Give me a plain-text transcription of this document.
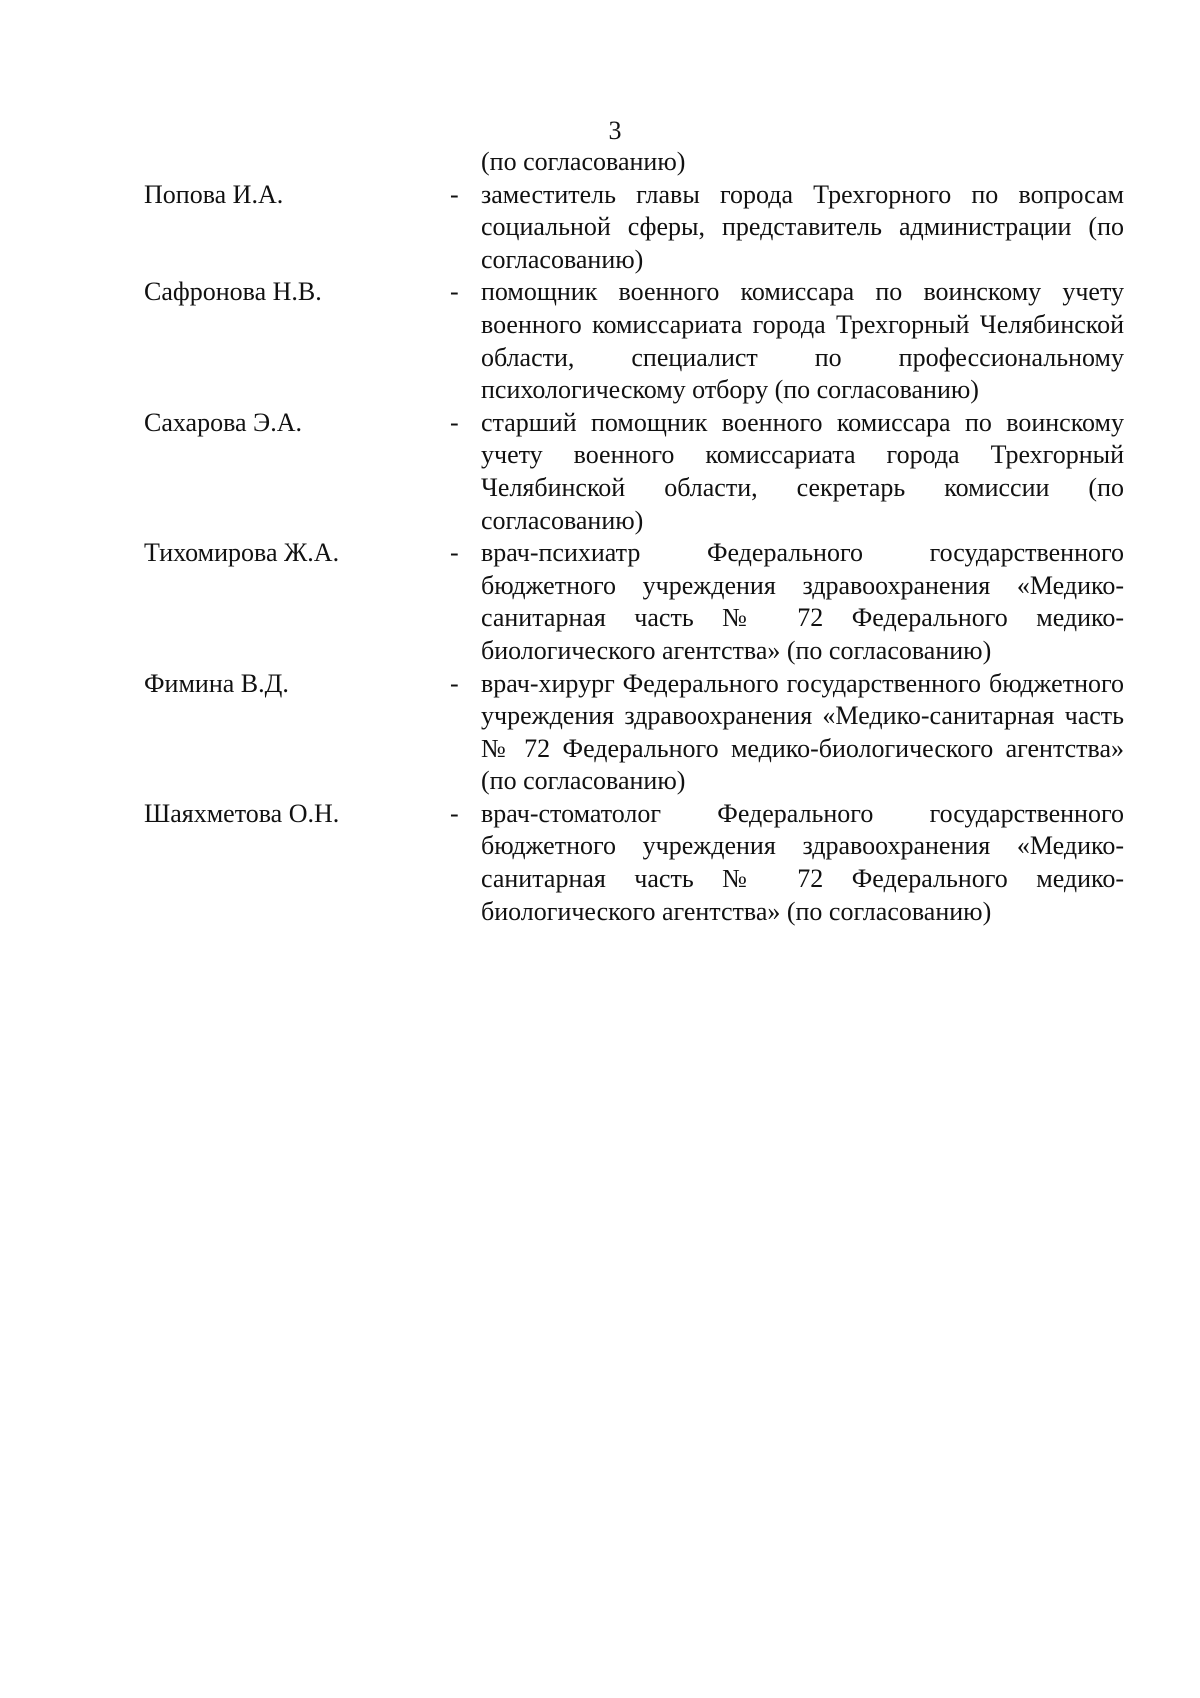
3
(по согласованию)
Попова И.А.	- заместитель главы города Трехгорного по вопросам социальной сферы, представитель администрации (по согласованию)
Сафронова Н.В.	- помощник военного комиссара по воинскому учету военного комиссариата города Трехгорный Челябинской области, специалист по профессиональному психологическому отбору (по согласованию)
Сахарова Э.А.	- старший помощник военного комиссара по воинскому учету военного комиссариата города Трехгорный Челябинской области, секретарь комиссии (по согласованию)
Тихомирова Ж.А.	- врач-психиатр Федерального государственного бюджетного учреждения здравоохранения «Медико-санитарная часть № 72 Федерального медико-биологического агентства» (по согласованию)
Фимина В.Д.	- врач-хирург Федерального государственного бюджетного учреждения здравоохранения «Медико-санитарная часть № 72 Федерального медико-биологического агентства» (по согласованию)
Шаяхметова О.Н.	- врач-стоматолог Федерального государственного бюджетного учреждения здравоохранения «Медико-санитарная часть № 72 Федерального медико-биологического агентства» (по согласованию)
